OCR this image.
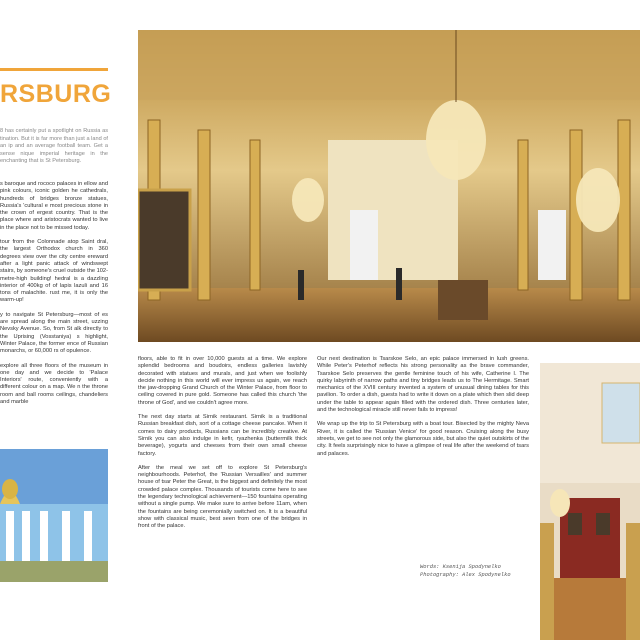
RSBURG
8 has certainly put a spotlight on Russia as tination. But it is far more than just a land of an ip and an average football team. Get a sense nique imperial heritage in the enchanting that is St Petersburg.

s baroque and rococo palaces in ellow and pink colours, iconic golden he cathedrals, hundreds of bridges bronze statues, Russia's 'cultural e most precious stone in the crown of ergest country. That is the place where and aristocrats wanted to live in the place not to be missed today.

tour from the Colonnade atop Saint dral, the largest Orthodox church in 360 degrees view over the city centre ereward after a light panic attack of windswept stairs, by someone's cruel outside the 102-metre-high building! hedral is a dazzling interior of 400kg of of lapis lazuli and 16 tons of malachite. rust me, it is only the warm-up!

y to navigate St Petersburg—most of es are spread along the main street, uzzing Nevsky Avenue. So, from St alk directly to the Uprising (Vosstaniya) s highlight, Winter Palace, the former ence of Russian monarchs, or 60,000 rs of opulence.

explore all three floors of the museum in one day and we decide to 'Palace Interiors' route, conveniently with a different colour on a map. We n the throne room and ball rooms ceilings, chandeliers and marble

floors, able to fit in over 10,000 guests at a time. We explore splendid bedrooms and boudoirs, endless galleries lavishly decorated with statues and murals, and just when we foolishly decide nothing in this world will ever impress us again, we reach the jaw-dropping Grand Church of the Winter Palace, from floor to ceiling covered in pure gold. Someone has called this church 'the throne of God', and we couldn't agree more.

The next day starts at Sirnik restaurant. Sirnik is a traditional Russian breakfast dish, sort of a cottage cheese pancake. When it comes to dairy products, Russians can be incredibly creative. At Sirnik you can also indulge in kefir, ryazhenka (buttermilk thick beverage), yogurts and cheeses from their own small cheese factory.

After the meal we set off to explore St Petersburg's neighbourhoods. Peterhof, the 'Russian Versailles' and summer house of tsar Peter the Great, is the biggest and definitely the most crowded palace complex. Thousands of tourists come here to see the legendary technological achievement—150 fountains operating without a single pump. We make sure to arrive before 11am, when the fountains are being ceremonially switched on. It is a beautiful show with classical music, best seen from one of the bridges in front of the palace.

Our next destination is Tsarskoe Selo, an epic palace immersed in lush greens. While Peter's Peterhof reflects his strong personality as the brave commander, Tsarskoe Selo preserves the gentle feminine touch of his wife, Catherine I. The quirky labyrinth of narrow paths and tiny bridges leads us to The Hermitage. Smart mechanics of the XVIII century invented a system of unusual dining tables for this pavilion. To order a dish, guests had to write it down on a plate which then slid deep under the table to appear again filled with the ordered dish. Three centuries later, and the technological miracle still never fails to impress!

We wrap up the trip to St Petersburg with a boat tour. Bisected by the mighty Neva River, it is called the 'Russian Venice' for good reason. Cruising along the busy streets, we get to see not only the glamorous side, but also the quiet outskirts of the city. It feels surprisingly nice to have a glimpse of real life after the weekend of tsars and palaces.

Words: Ksenija Spodynelko
Photography: Alex Spodynelko
